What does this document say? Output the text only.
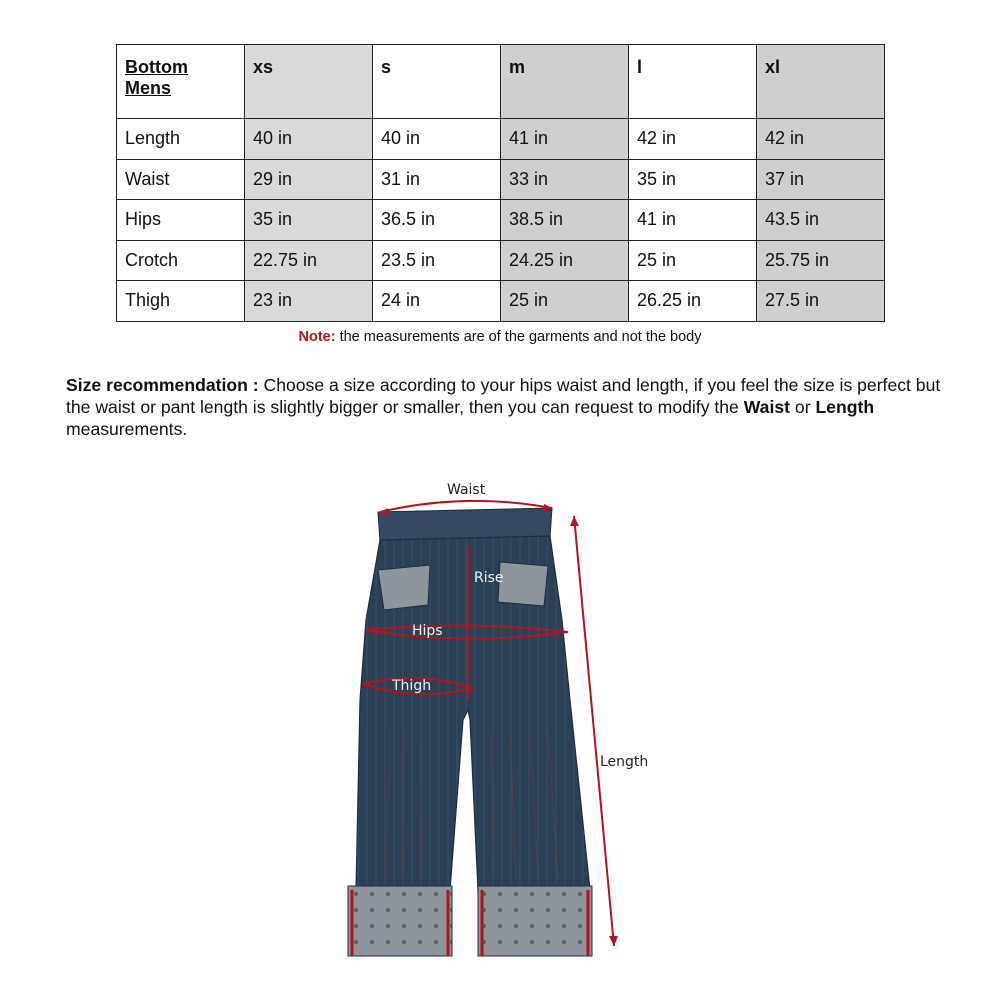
Bottom
Mens	xs	s	m	l	xl
Length	40 in	40 in	41 in	42 in	42 in
Waist	29 in	31 in	33 in	35 in	37 in
Hips	35 in	36.5 in	38.5 in	41 in	43.5 in
Crotch	22.75 in	23.5 in	24.25 in	25 in	25.75 in
Thigh	23 in	24 in	25 in	26.25 in	27.5 in
Note: the measurements are of the garments and not the body
Size recommendation : Choose a size according to your hips waist and length, if you feel the size is perfect but the waist or pant length is slightly bigger or smaller, then you can request to modify the Waist or Length measurements.
Waist
Rise
Hips
Thigh
Length
